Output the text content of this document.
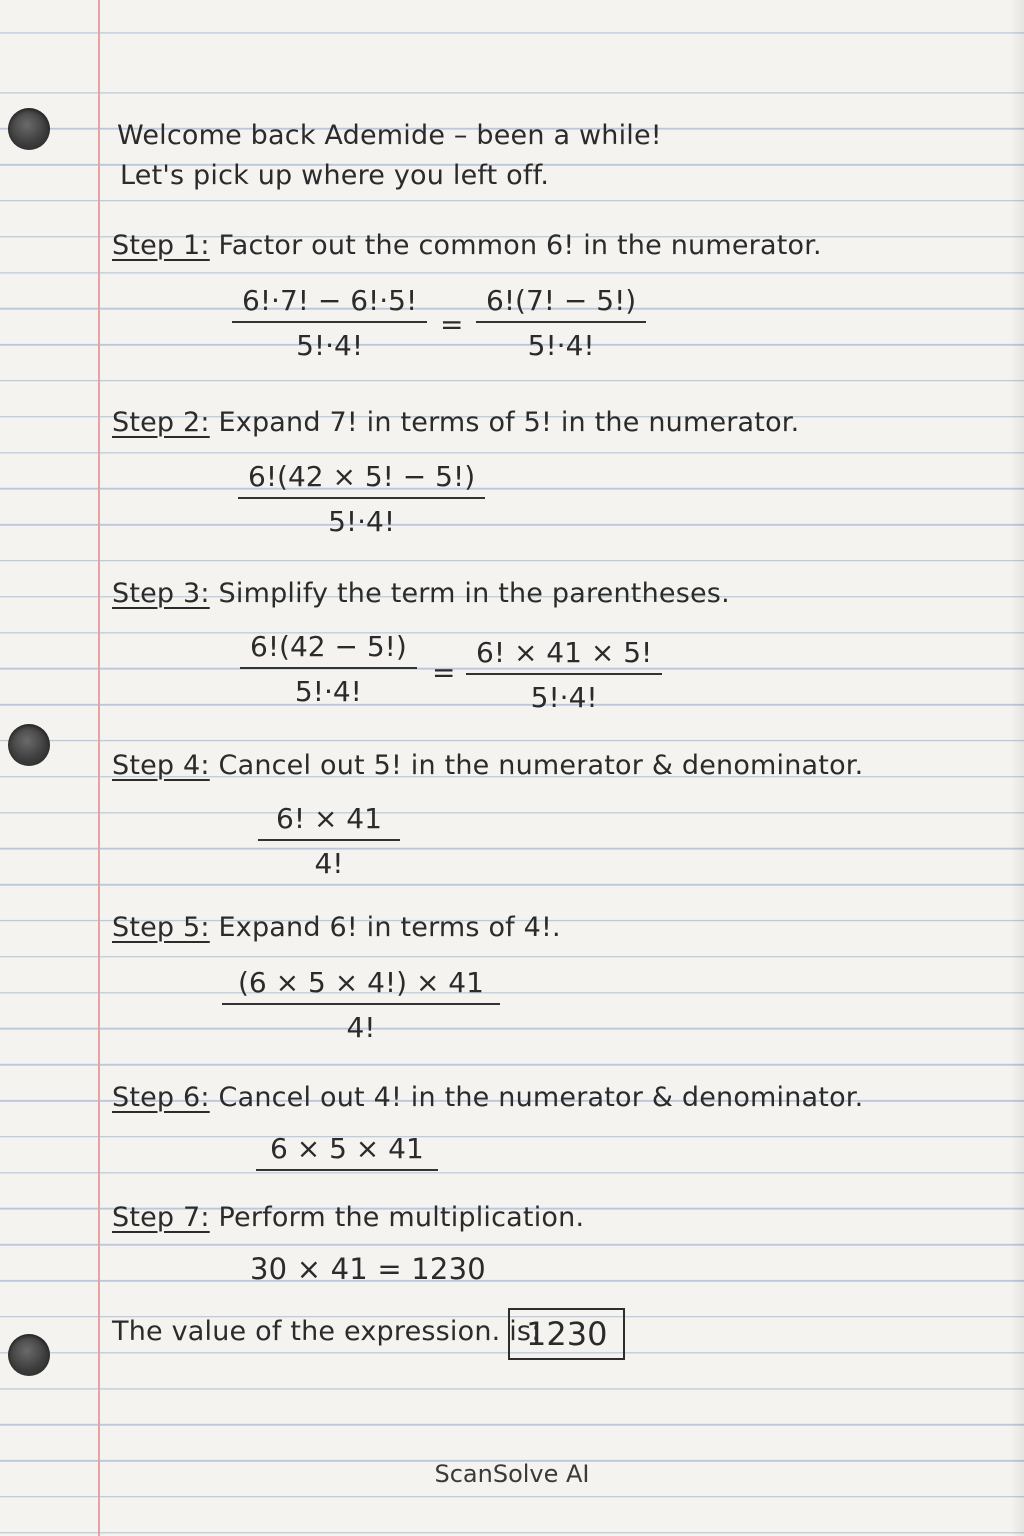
Welcome back Ademide – been a while!
Let's pick up where you left off.
Step 1: Factor out the common 6! in the numerator.
$\frac{6!\cdot 7! - 6!\cdot 5!}{5!\cdot 4!} = \frac{6!(7! - 5!)}{5!\cdot 4!}$
Step 2: Expand 7! in terms of 5! in the numerator.
$\frac{6!(42 \times 5! - 5!)}{5!\cdot 4!}$
Step 3: Simplify the term in the parentheses.
$\frac{6!(42 - 5!)}{5!\cdot 4!} = \frac{6! \times 41 \times 5!}{5!\cdot 4!}$
Step 4: Cancel out 5! in the numerator & denominator.
$\frac{6! \times 41}{4!}$
Step 5: Expand 6! in terms of 4!.
$\frac{(6 \times 5 \times 4!) \times 41}{4!}$
Step 6: Cancel out 4! in the numerator & denominator.
6 × 5 × 41
Step 7: Perform the multiplication.
30 × 41 = 1230
The value of the expression. is:
1230
ScanSolve AI
